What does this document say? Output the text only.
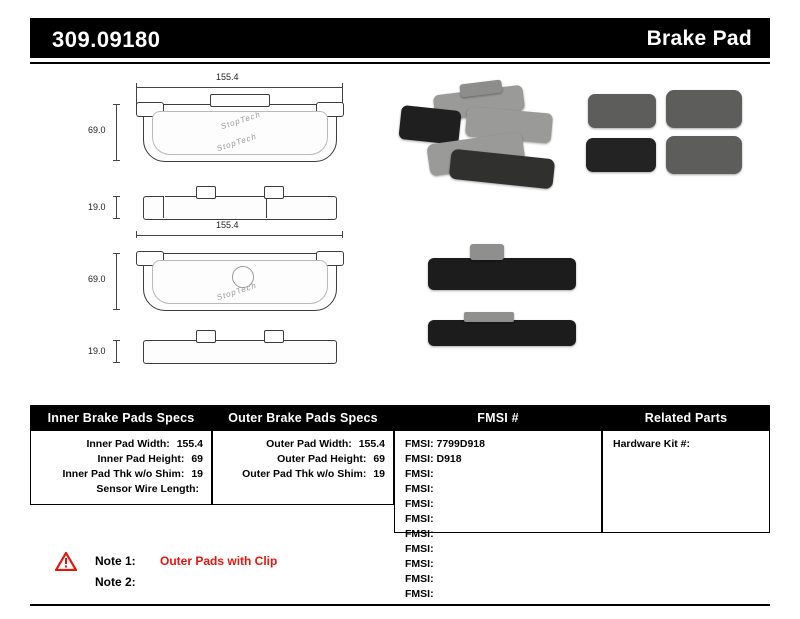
309.09180	Brake Pad
155.4
69.0	StopTech
StopTech
19.0
155.4
69.0
StopTech
19.0
Inner Brake Pads Specs
Inner Pad Width: 155.4
Inner Pad Height: 69
Inner Pad Thk w/o Shim: 19
Sensor Wire Length:
Outer Brake Pads Specs
Outer Pad Width: 155.4
Outer Pad Height: 69
Outer Pad Thk w/o Shim: 19
FMSI #
FMSI: 7799D918
FMSI: D918
FMSI:
FMSI:
FMSI:
FMSI:

FMSI:
FMSI:
FMSI:
FMSI:
FMSI:
Related Parts
Hardware Kit #:
Note 1: Outer Pads with Clip
Note 2:
